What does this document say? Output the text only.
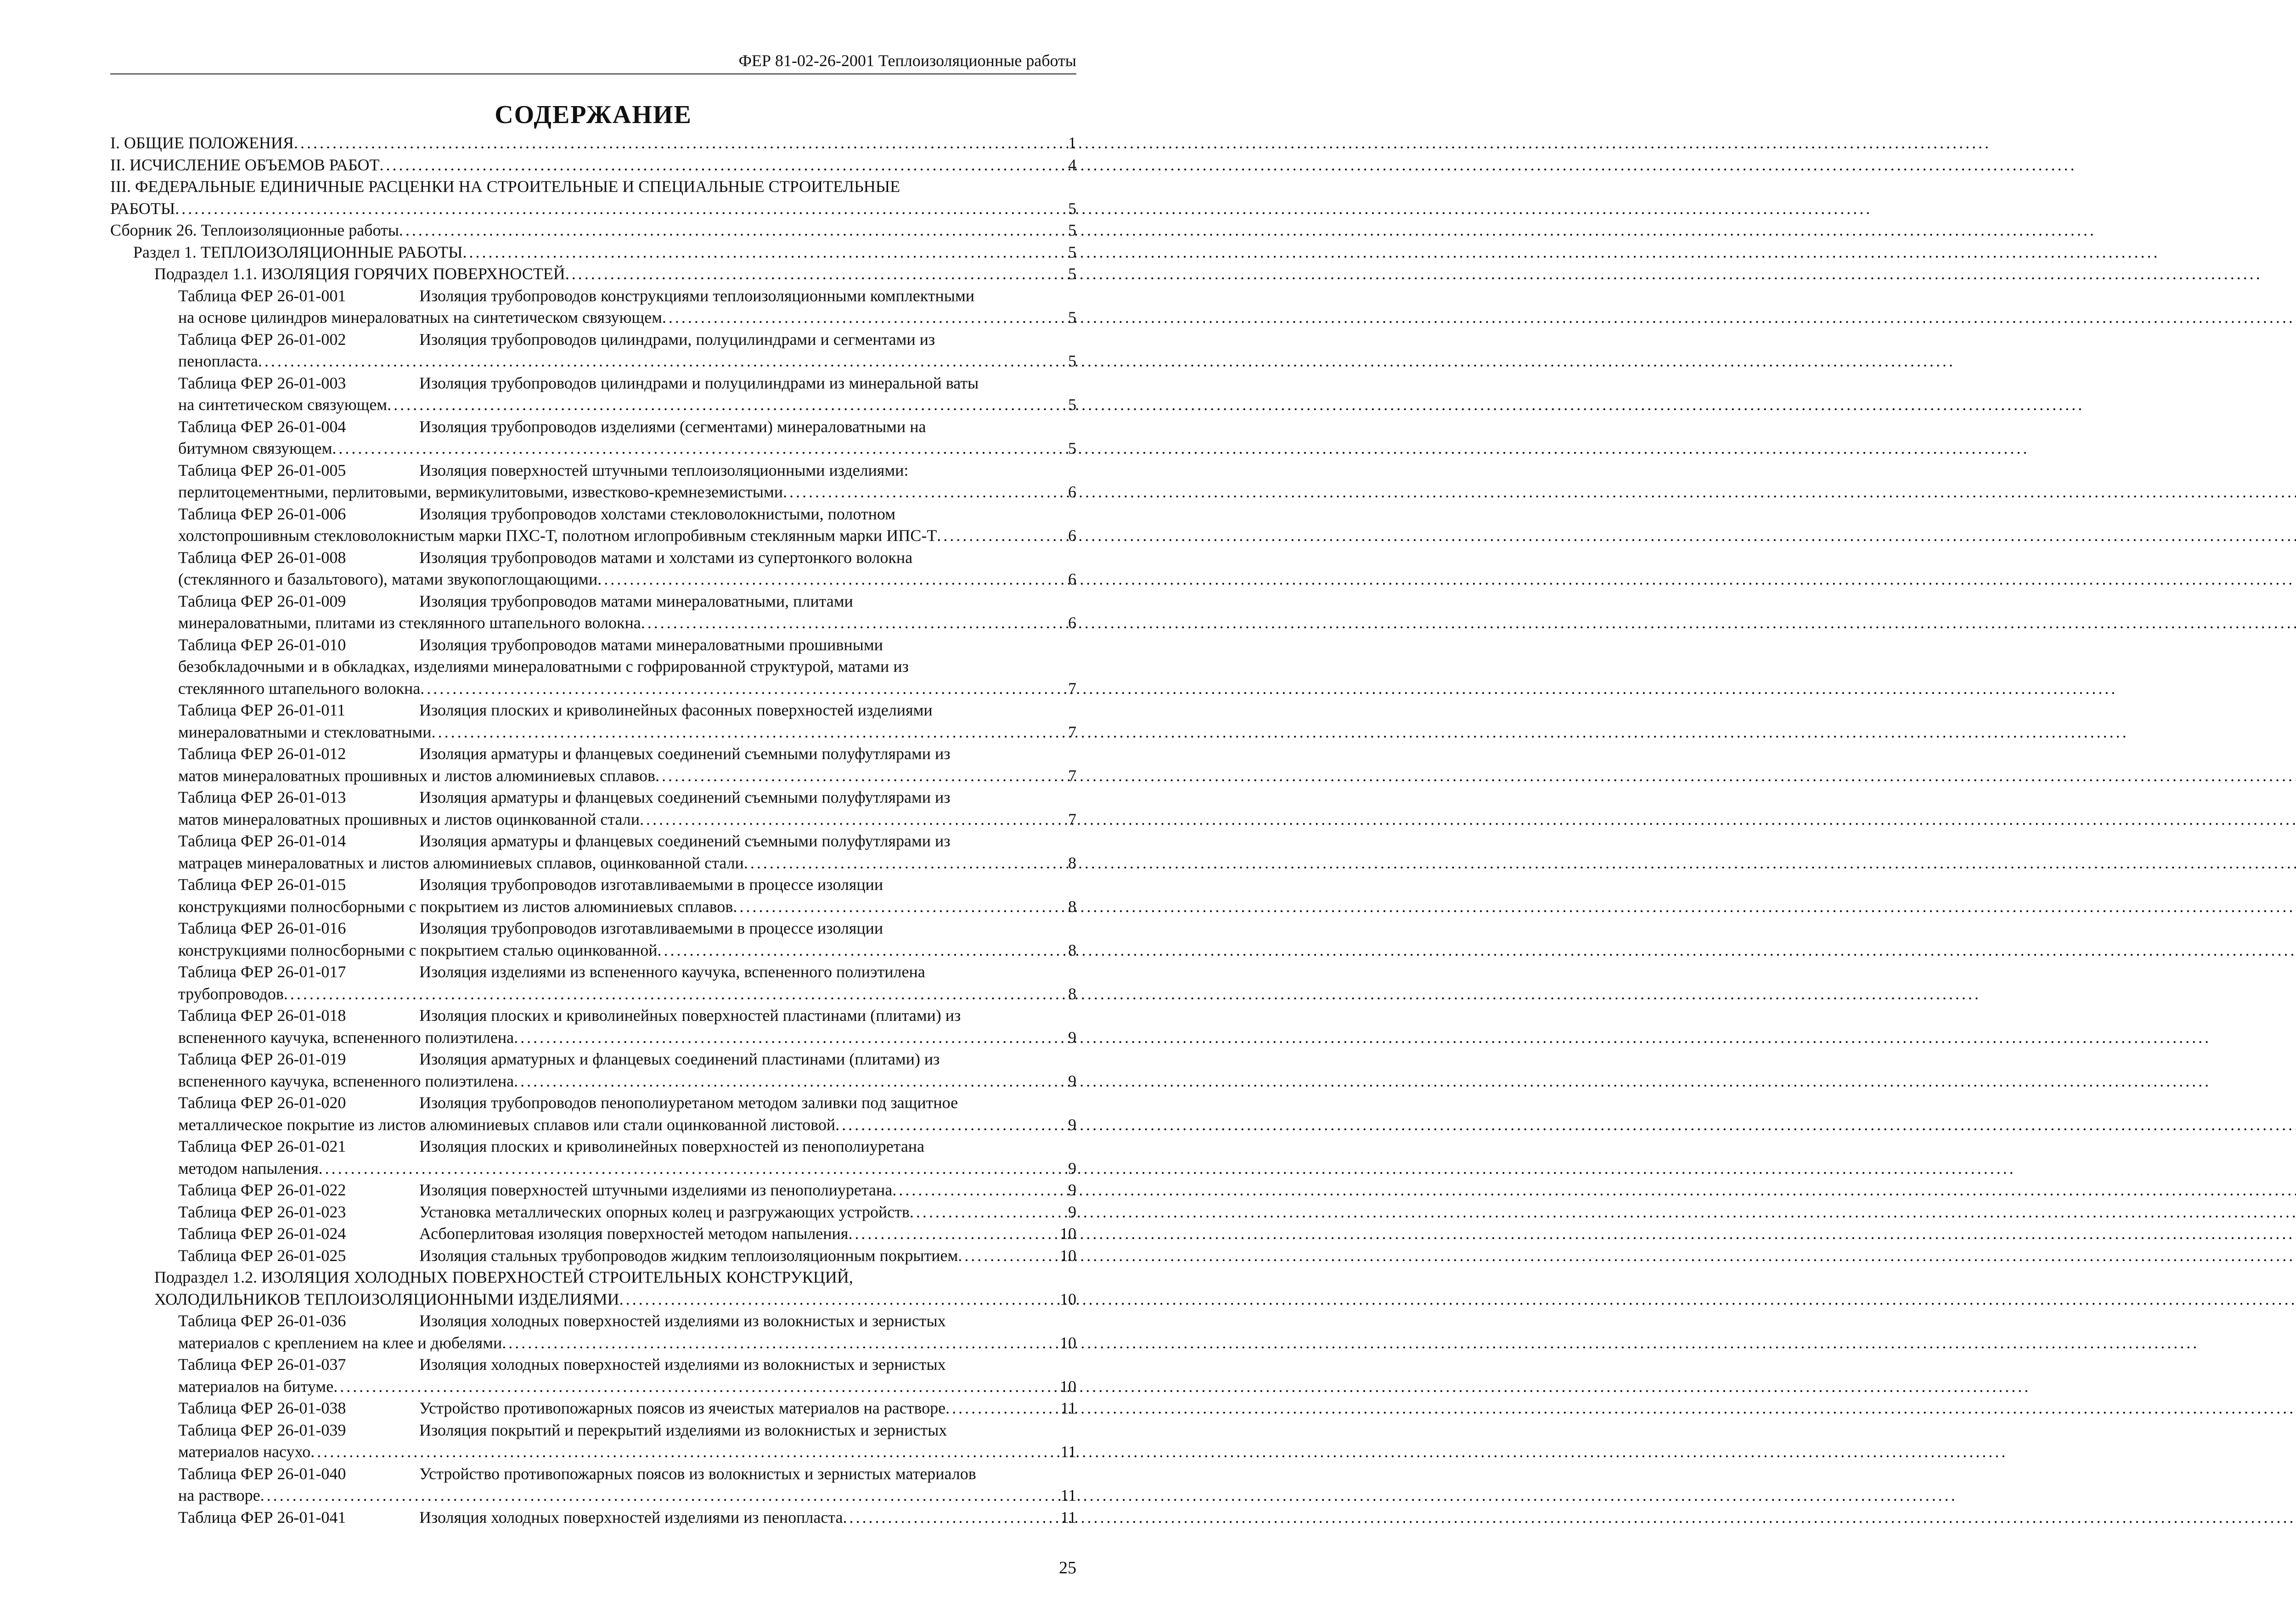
ФЕР 81-02-26-2001 Теплоизоляционные работы
СОДЕРЖАНИЕ
I. ОБЩИЕ ПОЛОЖЕНИЯ . . .	1
II. ИСЧИСЛЕНИЕ ОБЪЕМОВ РАБОТ . . .	4
III. ФЕДЕРАЛЬНЫЕ ЕДИНИЧНЫЕ РАСЦЕНКИ НА СТРОИТЕЛЬНЫЕ И СПЕЦИАЛЬНЫЕ СТРОИТЕЛЬНЫЕ
РАБОТЫ . . .	5
Сборник 26. Теплоизоляционные работы . . .	5
Раздел 1. ТЕПЛОИЗОЛЯЦИОННЫЕ РАБОТЫ . . .	5
Подраздел 1.1. ИЗОЛЯЦИЯ ГОРЯЧИХ ПОВЕРХНОСТЕЙ . . .	5
Таблица ФЕР 26-01-001	Изоляция трубопроводов конструкциями теплоизоляционными комплектными
на основе цилиндров минераловатных на синтетическом связующем . . .	5
Таблица ФЕР 26-01-002	Изоляция трубопроводов цилиндрами, полуцилиндрами и сегментами из
пенопласта . . .	5
Таблица ФЕР 26-01-003	Изоляция трубопроводов цилиндрами и полуцилиндрами из минеральной ваты
на синтетическом связующем . . .	5
Таблица ФЕР 26-01-004	Изоляция трубопроводов изделиями (сегментами) минераловатными на
битумном связующем . . .	5
Таблица ФЕР 26-01-005	Изоляция поверхностей штучными теплоизоляционными изделиями:
перлитоцементными, перлитовыми, вермикулитовыми, известково-кремнеземистыми . . .	6
Таблица ФЕР 26-01-006	Изоляция трубопроводов холстами стекловолокнистыми, полотном
холстопрошивным стекловолокнистым марки ПХС-Т, полотном иглопробивным стеклянным марки ИПС-Т . . .	6
Таблица ФЕР 26-01-008	Изоляция трубопроводов матами и холстами из супертонкого волокна
(стеклянного и базальтового), матами звукопоглощающими . . .	6
Таблица ФЕР 26-01-009	Изоляция трубопроводов матами минераловатными, плитами
минераловатными, плитами из стеклянного штапельного волокна . . .	6
Таблица ФЕР 26-01-010	Изоляция трубопроводов матами минераловатными прошивными
безобкладочными и в обкладках, изделиями минераловатными с гофрированной структурой, матами из
стеклянного штапельного волокна . . .	7
Таблица ФЕР 26-01-011	Изоляция плоских и криволинейных фасонных поверхностей изделиями
минераловатными и стекловатными . . .	7
Таблица ФЕР 26-01-012	Изоляция арматуры и фланцевых соединений съемными полуфутлярами из
матов минераловатных прошивных и листов алюминиевых сплавов . . .	7
Таблица ФЕР 26-01-013	Изоляция арматуры и фланцевых соединений съемными полуфутлярами из
матов минераловатных прошивных и листов оцинкованной стали . . .	7
Таблица ФЕР 26-01-014	Изоляция арматуры и фланцевых соединений съемными полуфутлярами из
матрацев минераловатных и листов алюминиевых сплавов, оцинкованной стали . . .	8
Таблица ФЕР 26-01-015	Изоляция трубопроводов изготавливаемыми в процессе изоляции
конструкциями полносборными с покрытием из листов алюминиевых сплавов . . .	8
Таблица ФЕР 26-01-016	Изоляция трубопроводов изготавливаемыми в процессе изоляции
конструкциями полносборными с покрытием сталью оцинкованной . . .	8
Таблица ФЕР 26-01-017	Изоляция изделиями из вспененного каучука, вспененного полиэтилена
трубопроводов . . .	8
Таблица ФЕР 26-01-018	Изоляция плоских и криволинейных поверхностей пластинами (плитами) из
вспененного каучука, вспененного полиэтилена . . .	9
Таблица ФЕР 26-01-019	Изоляция арматурных и фланцевых соединений пластинами (плитами) из
вспененного каучука, вспененного полиэтилена . . .	9
Таблица ФЕР 26-01-020	Изоляция трубопроводов пенополиуретаном методом заливки под защитное
металлическое покрытие из листов алюминиевых сплавов или стали оцинкованной листовой . . .	9
Таблица ФЕР 26-01-021	Изоляция плоских и криволинейных поверхностей из пенополиуретана
методом напыления . . .	9
Таблица ФЕР 26-01-022	Изоляция поверхностей штучными изделиями из пенополиуретана . . .	9
Таблица ФЕР 26-01-023	Установка металлических опорных колец и разгружающих устройств . . .	9
Таблица ФЕР 26-01-024	Асбоперлитовая изоляция поверхностей методом напыления . . .	10
Таблица ФЕР 26-01-025	Изоляция стальных трубопроводов жидким теплоизоляционным покрытием . . .	10
Подраздел 1.2. ИЗОЛЯЦИЯ ХОЛОДНЫХ ПОВЕРХНОСТЕЙ СТРОИТЕЛЬНЫХ КОНСТРУКЦИЙ,
ХОЛОДИЛЬНИКОВ ТЕПЛОИЗОЛЯЦИОННЫМИ ИЗДЕЛИЯМИ . . .	10
Таблица ФЕР 26-01-036	Изоляция холодных поверхностей изделиями из волокнистых и зернистых
материалов с креплением на клее и дюбелями . . .	10
Таблица ФЕР 26-01-037	Изоляция холодных поверхностей изделиями из волокнистых и зернистых
материалов на битуме . . .	10
Таблица ФЕР 26-01-038	Устройство противопожарных поясов из ячеистых материалов на растворе . . .	11
Таблица ФЕР 26-01-039	Изоляция покрытий и перекрытий изделиями из волокнистых и зернистых
материалов насухо . . .	11
Таблица ФЕР 26-01-040	Устройство противопожарных поясов из волокнистых и зернистых материалов
на растворе . . .	11
Таблица ФЕР 26-01-041	Изоляция холодных поверхностей изделиями из пенопласта . . .	11
25
